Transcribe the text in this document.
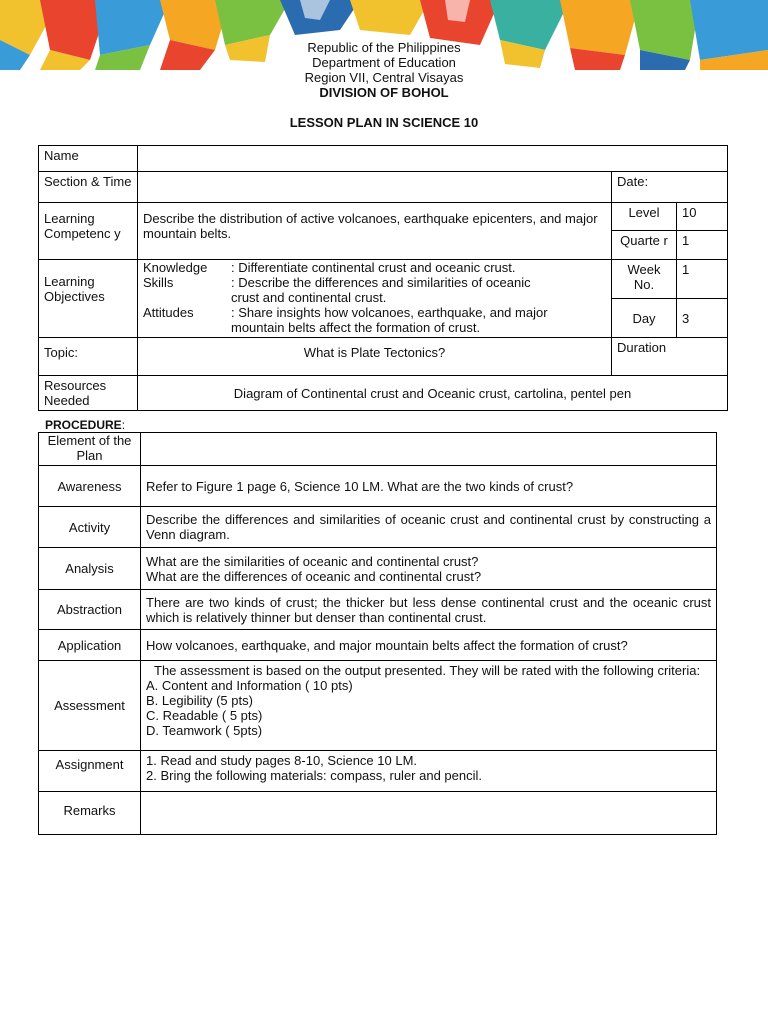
Republic of the Philippines
Department of Education
Region VII, Central Visayas
DIVISION OF BOHOL
LESSON PLAN IN SCIENCE 10
Name			
Section & Time		Date:	
Learning Competenc y	Describe the distribution of active volcanoes, earthquake epicenters, and major mountain belts.	Level	10
		Quarte r	1
Learning Objectives	Knowledge : Differentiate continental crust and oceanic crust.
Skills : Describe the differences and similarities of oceanic
crust and continental crust.
Attitudes : Share insights how volcanoes, earthquake, and major
mountain belts affect the formation of crust.	Week No.	1
		Day	3
Topic:	What is Plate Tectonics?	Duration	
Resources Needed	Diagram of Continental crust and Oceanic crust, cartolina, pentel pen		
PROCEDURE:
Element of the Plan	
Awareness	Refer to Figure 1 page 6, Science 10 LM. What are the two kinds of crust?
Activity	Describe the differences and similarities of oceanic crust and continental crust by constructing a Venn diagram.
Analysis	What are the similarities of oceanic and continental crust?
What are the differences of oceanic and continental crust?

Abstraction	There are two kinds of crust; the thicker but less dense continental crust and the oceanic crust which is relatively thinner but denser than continental crust.
Application	How volcanoes, earthquake, and major mountain belts affect the formation of crust?
Assessment	The assessment is based on the output presented. They will be rated with the following criteria:
A. Content and Information ( 10 pts)
B. Legibility (5 pts)
C. Readable ( 5 pts)
D. Teamwork ( 5pts)

Assignment	1. Read and study pages 8-10, Science 10 LM.
2. Bring the following materials: compass, ruler and pencil.

Remarks	
